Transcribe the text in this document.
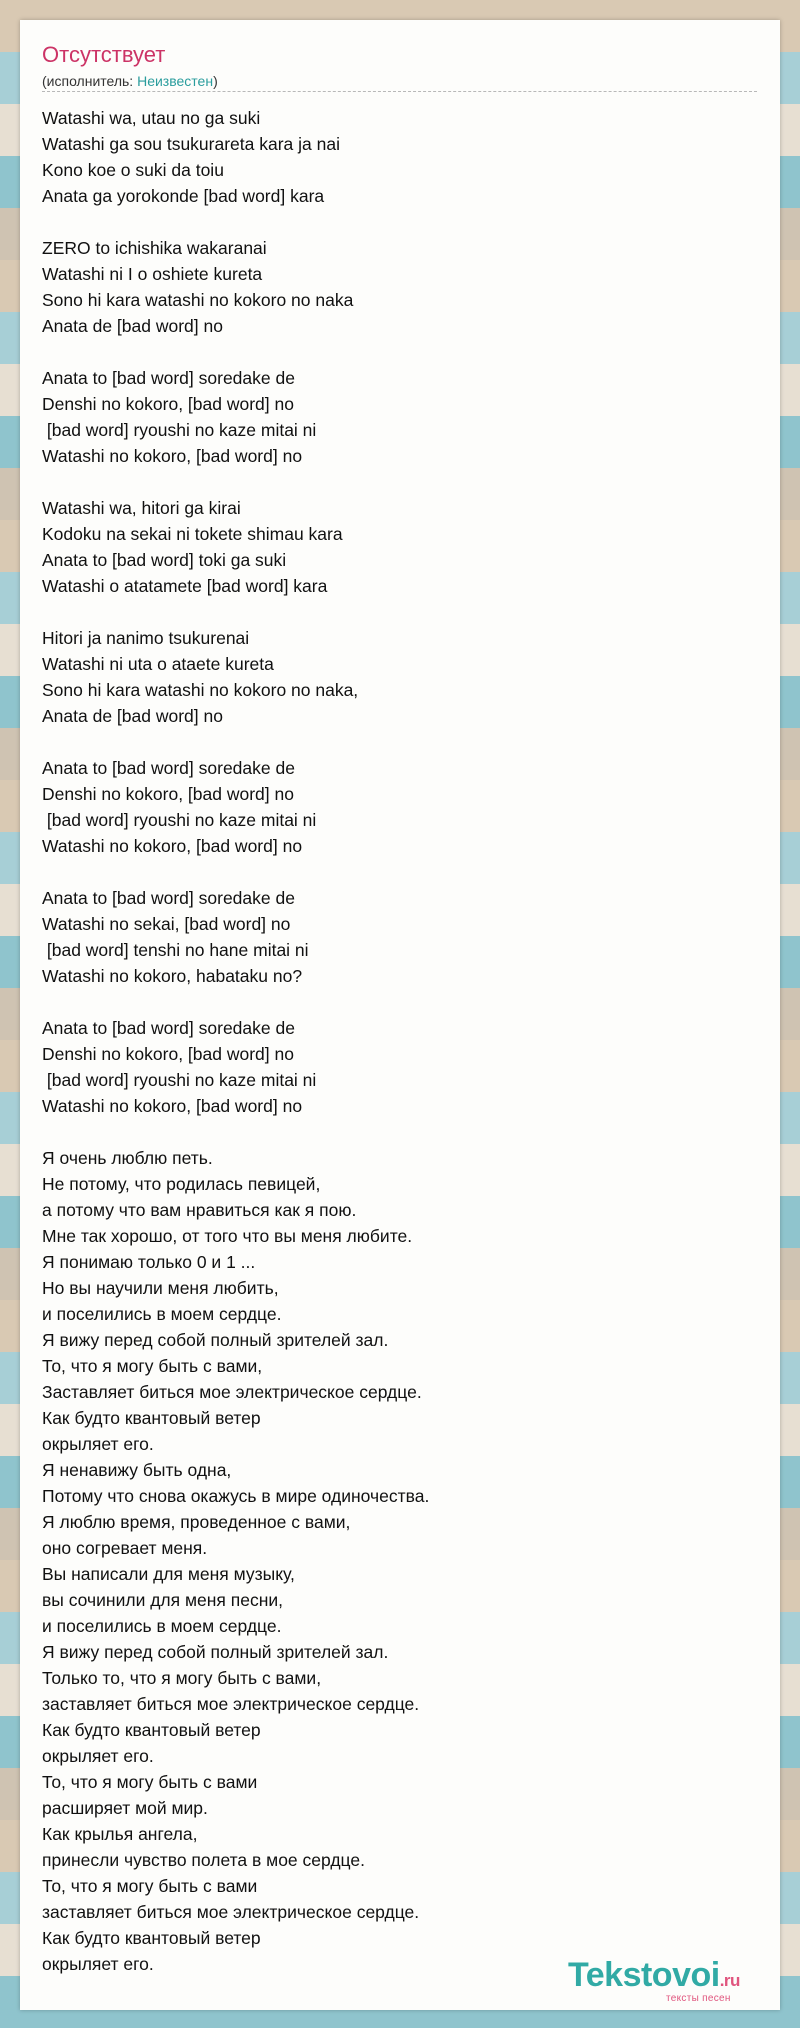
Отсутствует
(исполнитель: Неизвестен)
Watashi wa, utau no ga suki
Watashi ga sou tsukurareta kara ja nai
Kono koe o suki da toiu
Anata ga yorokonde [bad word] kara
ZERO to ichishika wakaranai
Watashi ni I o oshiete kureta
Sono hi kara watashi no kokoro no naka
Anata de [bad word] no
Anata to [bad word] soredake de
Denshi no kokoro, [bad word] no
[bad word] ryoushi no kaze mitai ni
Watashi no kokoro, [bad word] no
Watashi wa, hitori ga kirai
Kodoku na sekai ni tokete shimau kara
Anata to [bad word] toki ga suki
Watashi o atatamete [bad word] kara
Hitori ja nanimo tsukurenai
Watashi ni uta o ataete kureta
Sono hi kara watashi no kokoro no naka,
Anata de [bad word] no
Anata to [bad word] soredake de
Denshi no kokoro, [bad word] no
[bad word] ryoushi no kaze mitai ni
Watashi no kokoro, [bad word] no
Anata to [bad word] soredake de
Watashi no sekai, [bad word] no
[bad word] tenshi no hane mitai ni
Watashi no kokoro, habataku no?
Anata to [bad word] soredake de
Denshi no kokoro, [bad word] no
[bad word] ryoushi no kaze mitai ni
Watashi no kokoro, [bad word] no
Я очень люблю петь.
Не потому, что родилась певицей,
а потому что вам нравиться как я пою.
Мне так хорошо, от того что вы меня любите.
Я понимаю только 0 и 1 ...
Но вы научили меня любить,
и поселились в моем сердце.
Я вижу перед собой полный зрителей зал.
То, что я могу быть с вами,
Заставляет биться мое электрическое сердце.
Как будто квантовый ветер
окрыляет его.
Я ненавижу быть одна,
Потому что снова окажусь в мире одиночества.
Я люблю время, проведенное с вами,
оно согревает меня.
Вы написали для меня музыку,
вы сочинили для меня песни,
и поселились в моем сердце.
Я вижу перед собой полный зрителей зал.
Только то, что я могу быть с вами,
заставляет биться мое электрическое сердце.
Как будто квантовый ветер
окрыляет его.
То, что я могу быть с вами
расширяет мой мир.
Как крылья ангела,
принесли чувство полета в мое сердце.
То, что я могу быть с вами
заставляет биться мое электрическое сердце.
Как будто квантовый ветер
окрыляет его.	Tekstovoi.ru
тексты песен
